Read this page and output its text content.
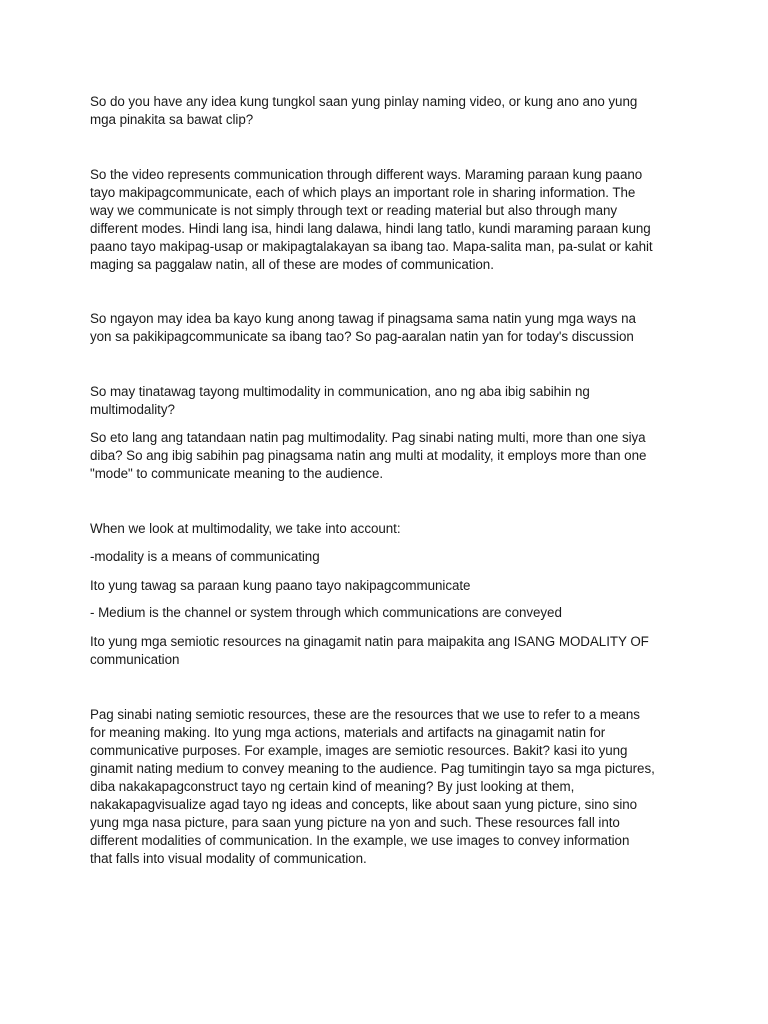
So do you have any idea kung tungkol saan yung pinlay naming video, or kung ano ano yung
mga pinakita sa bawat clip?

So the video represents communication through different ways. Maraming paraan kung paano
tayo makipagcommunicate, each of which plays an important role in sharing information. The
way we communicate is not simply through text or reading material but also through many
different modes. Hindi lang isa, hindi lang dalawa, hindi lang tatlo, kundi maraming paraan kung
paano tayo makipag-usap or makipagtalakayan sa ibang tao. Mapa-salita man, pa-sulat or kahit
maging sa paggalaw natin, all of these are modes of communication.

So ngayon may idea ba kayo kung anong tawag if pinagsama sama natin yung mga ways na
yon sa pakikipagcommunicate sa ibang tao? So pag-aaralan natin yan for today's discussion

So may tinatawag tayong multimodality in communication, ano ng aba ibig sabihin ng
multimodality?

So eto lang ang tatandaan natin pag multimodality. Pag sinabi nating multi, more than one siya
diba? So ang ibig sabihin pag pinagsama natin ang multi at modality, it employs more than one
"mode" to communicate meaning to the audience.

When we look at multimodality, we take into account:

-modality is a means of communicating

Ito yung tawag sa paraan kung paano tayo nakipagcommunicate

- Medium is the channel or system through which communications are conveyed

Ito yung mga semiotic resources na ginagamit natin para maipakita ang ISANG MODALITY OF
communication

Pag sinabi nating semiotic resources, these are the resources that we use to refer to a means
for meaning making. Ito yung mga actions, materials and artifacts na ginagamit natin for
communicative purposes. For example, images are semiotic resources. Bakit? kasi ito yung
ginamit nating medium to convey meaning to the audience. Pag tumitingin tayo sa mga pictures,
diba nakakapagconstruct tayo ng certain kind of meaning? By just looking at them,
nakakapagvisualize agad tayo ng ideas and concepts, like about saan yung picture, sino sino
yung mga nasa picture, para saan yung picture na yon and such. These resources fall into
different modalities of communication. In the example, we use images to convey information
that falls into visual modality of communication.
